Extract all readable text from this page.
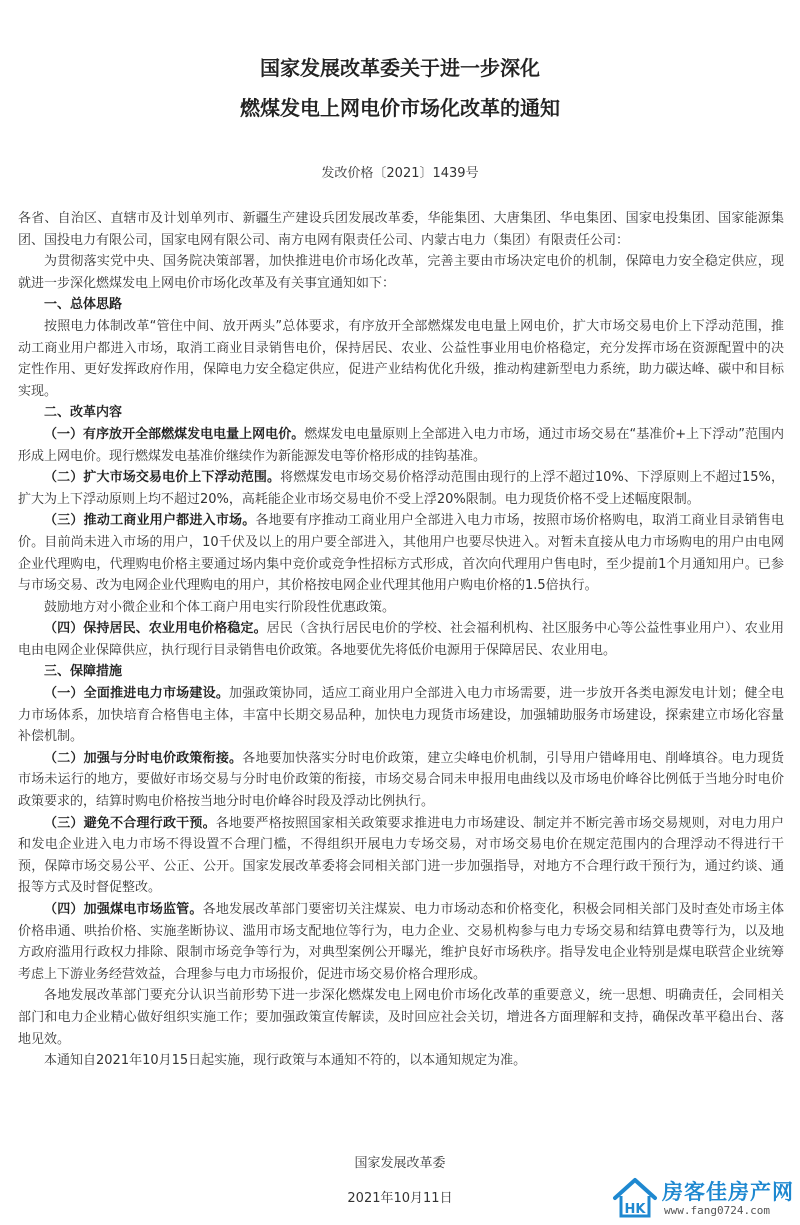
国家发展改革委关于进一步深化
燃煤发电上网电价市场化改革的通知
发改价格〔2021〕1439号

各省、自治区、直辖市及计划单列市、新疆生产建设兵团发展改革委，华能集团、大唐集团、华电集团、国家电投集团、国家能源集团、国投电力有限公司，国家电网有限公司、南方电网有限责任公司、内蒙古电力（集团）有限责任公司：

为贯彻落实党中央、国务院决策部署，加快推进电价市场化改革，完善主要由市场决定电价的机制，保障电力安全稳定供应，现就进一步深化燃煤发电上网电价市场化改革及有关事宜通知如下：

一、总体思路

按照电力体制改革“管住中间、放开两头”总体要求，有序放开全部燃煤发电电量上网电价，扩大市场交易电价上下浮动范围，推动工商业用户都进入市场，取消工商业目录销售电价，保持居民、农业、公益性事业用电价格稳定，充分发挥市场在资源配置中的决定性作用、更好发挥政府作用，保障电力安全稳定供应，促进产业结构优化升级，推动构建新型电力系统，助力碳达峰、碳中和目标实现。

二、改革内容

（一）有序放开全部燃煤发电电量上网电价。燃煤发电电量原则上全部进入电力市场，通过市场交易在“基准价+上下浮动”范围内形成上网电价。现行燃煤发电基准价继续作为新能源发电等价格形成的挂钩基准。

（二）扩大市场交易电价上下浮动范围。将燃煤发电市场交易价格浮动范围由现行的上浮不超过10%、下浮原则上不超过15%，扩大为上下浮动原则上均不超过20%，高耗能企业市场交易电价不受上浮20%限制。电力现货价格不受上述幅度限制。

（三）推动工商业用户都进入市场。各地要有序推动工商业用户全部进入电力市场，按照市场价格购电，取消工商业目录销售电价。目前尚未进入市场的用户，10千伏及以上的用户要全部进入，其他用户也要尽快进入。对暂未直接从电力市场购电的用户由电网企业代理购电，代理购电价格主要通过场内集中竞价或竞争性招标方式形成，首次向代理用户售电时，至少提前1个月通知用户。已参与市场交易、改为电网企业代理购电的用户，其价格按电网企业代理其他用户购电价格的1.5倍执行。

鼓励地方对小微企业和个体工商户用电实行阶段性优惠政策。

（四）保持居民、农业用电价格稳定。居民（含执行居民电价的学校、社会福利机构、社区服务中心等公益性事业用户）、农业用电由电网企业保障供应，执行现行目录销售电价政策。各地要优先将低价电源用于保障居民、农业用电。

三、保障措施

（一）全面推进电力市场建设。加强政策协同，适应工商业用户全部进入电力市场需要，进一步放开各类电源发电计划；健全电力市场体系，加快培育合格售电主体，丰富中长期交易品种，加快电力现货市场建设，加强辅助服务市场建设，探索建立市场化容量补偿机制。

（二）加强与分时电价政策衔接。各地要加快落实分时电价政策，建立尖峰电价机制，引导用户错峰用电、削峰填谷。电力现货市场未运行的地方，要做好市场交易与分时电价政策的衔接，市场交易合同未申报用电曲线以及市场电价峰谷比例低于当地分时电价政策要求的，结算时购电价格按当地分时电价峰谷时段及浮动比例执行。

（三）避免不合理行政干预。各地要严格按照国家相关政策要求推进电力市场建设、制定并不断完善市场交易规则，对电力用户和发电企业进入电力市场不得设置不合理门槛，不得组织开展电力专场交易，对市场交易电价在规定范围内的合理浮动不得进行干预，保障市场交易公平、公正、公开。国家发展改革委将会同相关部门进一步加强指导，对地方不合理行政干预行为，通过约谈、通报等方式及时督促整改。

（四）加强煤电市场监管。各地发展改革部门要密切关注煤炭、电力市场动态和价格变化，积极会同相关部门及时查处市场主体价格串通、哄抬价格、实施垄断协议、滥用市场支配地位等行为，电力企业、交易机构参与电力专场交易和结算电费等行为，以及地方政府滥用行政权力排除、限制市场竞争等行为，对典型案例公开曝光，维护良好市场秩序。指导发电企业特别是煤电联营企业统筹考虑上下游业务经营效益，合理参与电力市场报价，促进市场交易价格合理形成。

各地发展改革部门要充分认识当前形势下进一步深化燃煤发电上网电价市场化改革的重要意义，统一思想、明确责任，会同相关部门和电力企业精心做好组织实施工作；要加强政策宣传解读，及时回应社会关切，增进各方面理解和支持，确保改革平稳出台、落地见效。

本通知自2021年10月15日起实施，现行政策与本通知不符的，以本通知规定为准。

国家发展改革委
2021年10月11日
HK
房客佳房产网
www.fang0724.com
